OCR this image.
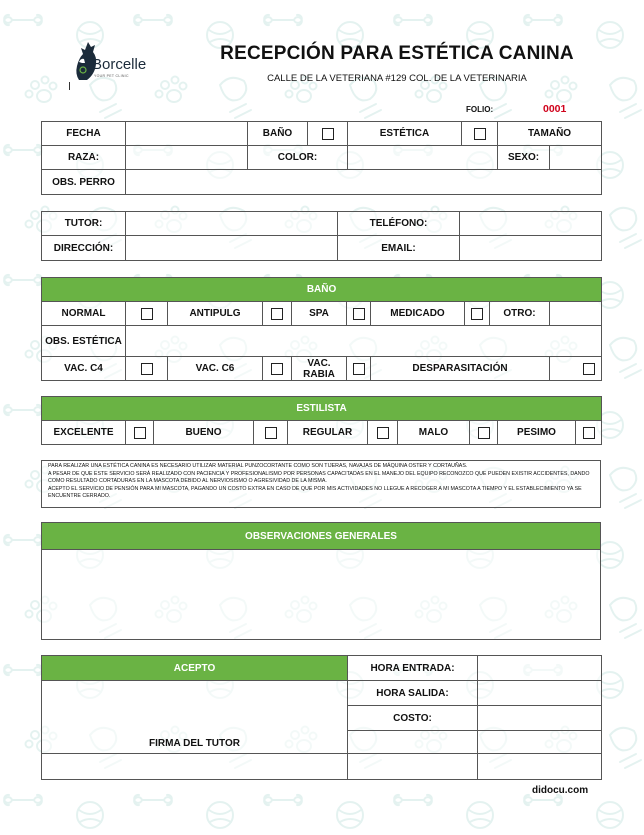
Borcelle
YOUR PET CLINIC
RECEPCIÓN PARA ESTÉTICA CANINA
CALLE DE LA VETERIANA #129 COL. DE LA VETERINARIA
FOLIO:	0001
FECHA		BAÑO		ESTÉTICA		TAMAÑO	
RAZA:		COLOR:				SEXO:	
OBS. PERRO							
TUTOR:		TELÉFONO:	
DIRECCIÓN:		EMAIL:	
BAÑO									
NORMAL		ANTIPULG		SPA		MEDICADO		OTRO:	
OBS. ESTÉTICA									
VAC. C4		VAC. C6		VAC. RABIA		DESPARASITACIÓN			
ESTILISTA
EXCELENTE		BUENO		REGULAR		MALO		PESIMO	

PARA REALIZAR UNA ESTÉTICA CANINA ES NECESARIO UTILIZAR MATERIAL PUNZOCORTANTE COMO SON TIJERAS, NAVAJAS DE MÁQUINA OSTER Y CORTAUÑAS.

A PESAR DE QUE ESTE SERVICIO SERÁ REALIZADO CON PACIENCIA Y PROFESIONALISMO POR PERSONAS CAPACITADAS EN EL MANEJO DEL EQUIPO RECONOZCO QUE PUEDEN EXISTIR ACCIDENTES, DANDO COMO RESULTADO CORTADURAS EN LA MASCOTA DEBIDO AL NERVIOSISMO O AGRESIVIDAD DE LA MISMA.

ACEPTO EL SERVICIO DE PENSIÓN PARA MI MASCOTA, PAGANDO UN COSTO EXTRA EN CASO DE QUE POR MIS ACTIVIDADES NO LLEGUE A RECOGER A MI MASCOTA A TIEMPO Y EL ESTABLECIMIENTO YA SE ENCUENTRE CERRADO.

OBSERVACIONES GENERALES

ACEPTO	HORA ENTRADA:	
FIRMA DEL TUTOR	HORA SALIDA:	
	COSTO:	

didocu.com
